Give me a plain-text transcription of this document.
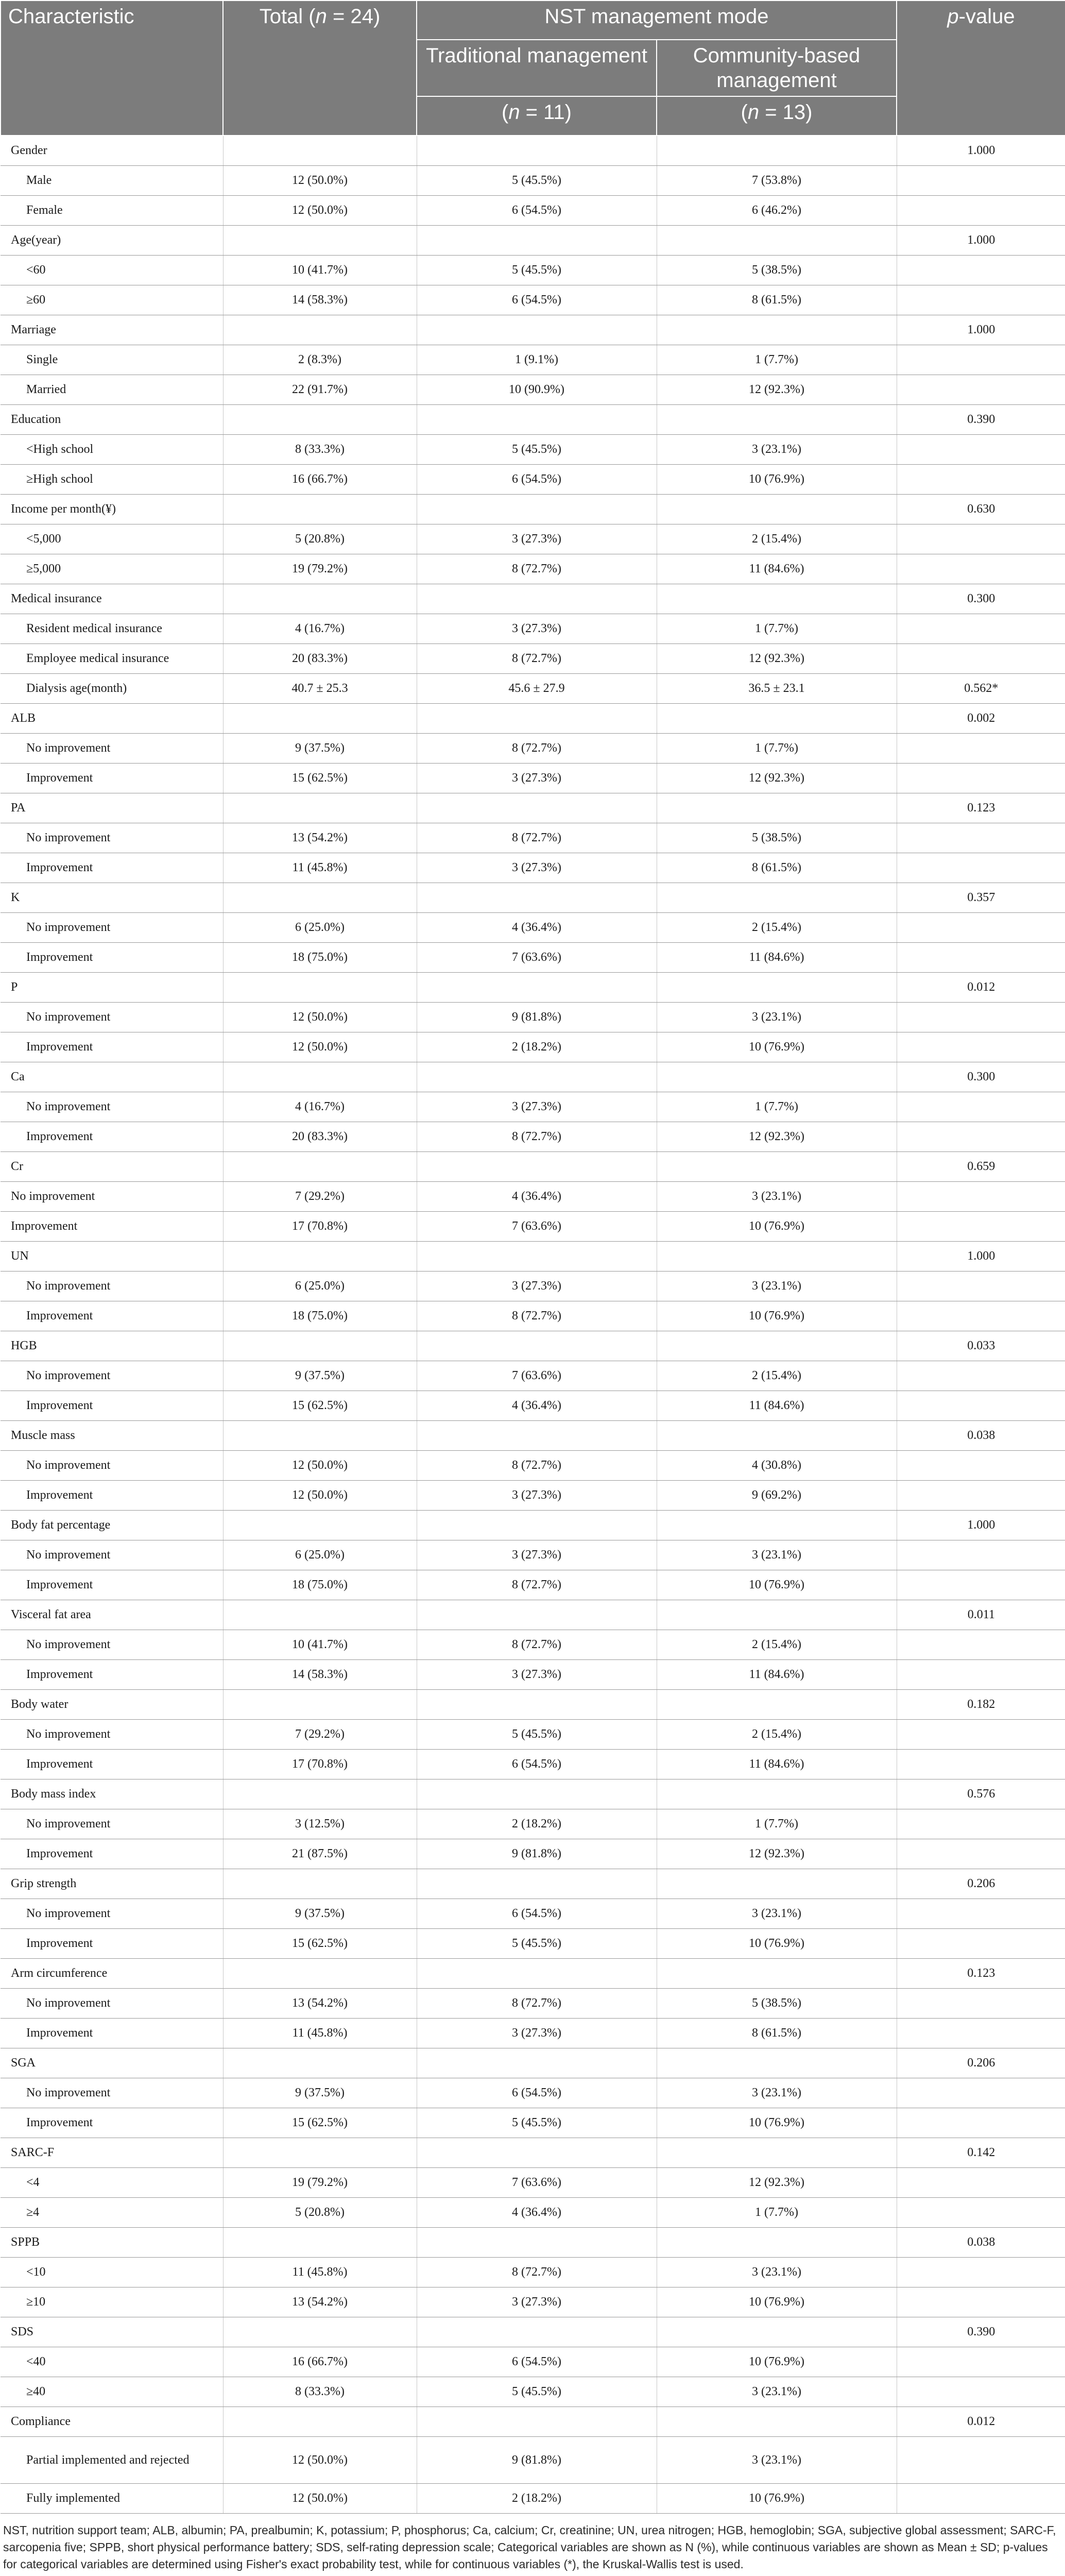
Characteristic	Total (n = 24)	NST management mode		p-value
		Traditional management	Community-based management	
		(n = 11)	(n = 13)	
Gender				1.000
Male	12 (50.0%)	5 (45.5%)	7 (53.8%)	
Female	12 (50.0%)	6 (54.5%)	6 (46.2%)	
Age(year)				1.000
<60	10 (41.7%)	5 (45.5%)	5 (38.5%)	
≥60	14 (58.3%)	6 (54.5%)	8 (61.5%)	
Marriage				1.000
Single	2 (8.3%)	1 (9.1%)	1 (7.7%)	
Married	22 (91.7%)	10 (90.9%)	12 (92.3%)	
Education				0.390
<High school	8 (33.3%)	5 (45.5%)	3 (23.1%)	
≥High school	16 (66.7%)	6 (54.5%)	10 (76.9%)	
Income per month(¥)				0.630
<5,000	5 (20.8%)	3 (27.3%)	2 (15.4%)	
≥5,000	19 (79.2%)	8 (72.7%)	11 (84.6%)	
Medical insurance				0.300
Resident medical insurance	4 (16.7%)	3 (27.3%)	1 (7.7%)	
Employee medical insurance	20 (83.3%)	8 (72.7%)	12 (92.3%)	
Dialysis age(month)	40.7 ± 25.3	45.6 ± 27.9	36.5 ± 23.1	0.562*
ALB				0.002
No improvement	9 (37.5%)	8 (72.7%)	1 (7.7%)	
Improvement	15 (62.5%)	3 (27.3%)	12 (92.3%)	
PA				0.123
No improvement	13 (54.2%)	8 (72.7%)	5 (38.5%)	
Improvement	11 (45.8%)	3 (27.3%)	8 (61.5%)	
K				0.357
No improvement	6 (25.0%)	4 (36.4%)	2 (15.4%)	
Improvement	18 (75.0%)	7 (63.6%)	11 (84.6%)	
P				0.012
No improvement	12 (50.0%)	9 (81.8%)	3 (23.1%)	
Improvement	12 (50.0%)	2 (18.2%)	10 (76.9%)	
Ca				0.300
No improvement	4 (16.7%)	3 (27.3%)	1 (7.7%)	
Improvement	20 (83.3%)	8 (72.7%)	12 (92.3%)	
Cr				0.659
No improvement	7 (29.2%)	4 (36.4%)	3 (23.1%)	
Improvement	17 (70.8%)	7 (63.6%)	10 (76.9%)	
UN				1.000
No improvement	6 (25.0%)	3 (27.3%)	3 (23.1%)	
Improvement	18 (75.0%)	8 (72.7%)	10 (76.9%)	
HGB				0.033
No improvement	9 (37.5%)	7 (63.6%)	2 (15.4%)	
Improvement	15 (62.5%)	4 (36.4%)	11 (84.6%)	
Muscle mass				0.038
No improvement	12 (50.0%)	8 (72.7%)	4 (30.8%)	
Improvement	12 (50.0%)	3 (27.3%)	9 (69.2%)	
Body fat percentage				1.000
No improvement	6 (25.0%)	3 (27.3%)	3 (23.1%)	
Improvement	18 (75.0%)	8 (72.7%)	10 (76.9%)	
Visceral fat area				0.011
No improvement	10 (41.7%)	8 (72.7%)	2 (15.4%)	
Improvement	14 (58.3%)	3 (27.3%)	11 (84.6%)	
Body water				0.182
No improvement	7 (29.2%)	5 (45.5%)	2 (15.4%)	
Improvement	17 (70.8%)	6 (54.5%)	11 (84.6%)	
Body mass index				0.576
No improvement	3 (12.5%)	2 (18.2%)	1 (7.7%)	
Improvement	21 (87.5%)	9 (81.8%)	12 (92.3%)	
Grip strength				0.206
No improvement	9 (37.5%)	6 (54.5%)	3 (23.1%)	
Improvement	15 (62.5%)	5 (45.5%)	10 (76.9%)	
Arm circumference				0.123
No improvement	13 (54.2%)	8 (72.7%)	5 (38.5%)	
Improvement	11 (45.8%)	3 (27.3%)	8 (61.5%)	
SGA				0.206
No improvement	9 (37.5%)	6 (54.5%)	3 (23.1%)	
Improvement	15 (62.5%)	5 (45.5%)	10 (76.9%)	
SARC-F				0.142
<4	19 (79.2%)	7 (63.6%)	12 (92.3%)	
≥4	5 (20.8%)	4 (36.4%)	1 (7.7%)	
SPPB				0.038
<10	11 (45.8%)	8 (72.7%)	3 (23.1%)	
≥10	13 (54.2%)	3 (27.3%)	10 (76.9%)	
SDS				0.390
<40	16 (66.7%)	6 (54.5%)	10 (76.9%)	
≥40	8 (33.3%)	5 (45.5%)	3 (23.1%)	
Compliance				0.012
Partial implemented and rejected	12 (50.0%)	9 (81.8%)	3 (23.1%)	
Fully implemented	12 (50.0%)	2 (18.2%)	10 (76.9%)	
NST, nutrition support team; ALB, albumin; PA, prealbumin; K, potassium; P, phosphorus; Ca, calcium; Cr, creatinine; UN, urea nitrogen; HGB, hemoglobin; SGA, subjective global assessment; SARC-F, sarcopenia five; SPPB, short physical performance battery; SDS, self-rating depression scale; Categorical variables are shown as N (%), while continuous variables are shown as Mean ± SD; p-values for categorical variables are determined using Fisher's exact probability test, while for continuous variables (*), the Kruskal-Wallis test is used.
